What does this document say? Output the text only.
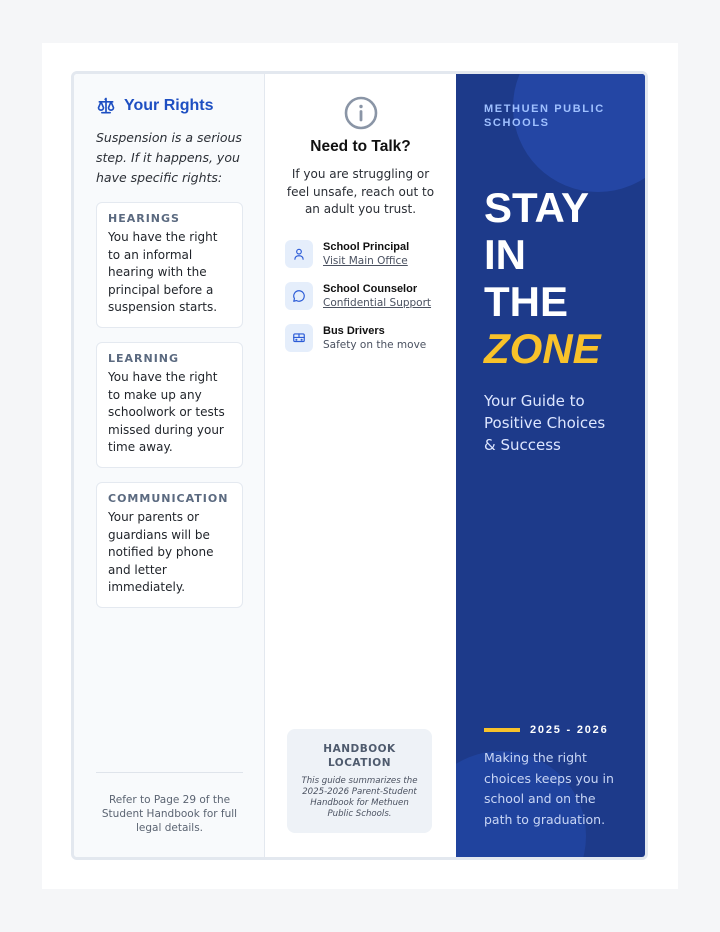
Your Rights

Suspension is a serious step. If it happens, you have specific rights:

HEARINGS
You have the right to an informal hearing with the principal before a suspension starts.
LEARNING
You have the right to make up any schoolwork or tests missed during your time away.
COMMUNICATION
Your parents or guardians will be notified by phone and letter immediately.
Refer to Page 29 of the Student Handbook for full legal details.
Need to Talk?
If you are struggling or feel unsafe, reach out to an adult you trust.
School Principal
Visit Main Office
School Counselor
Confidential Support
Bus Drivers
Safety on the move
HANDBOOK LOCATION
This guide summarizes the 2025-2026 Parent-Student Handbook for Methuen Public Schools.
METHUEN PUBLIC SCHOOLS
STAY
IN
THE
ZONE
Your Guide to Positive Choices & Success
2025 - 2026
Making the right choices keeps you in school and on the path to graduation.
